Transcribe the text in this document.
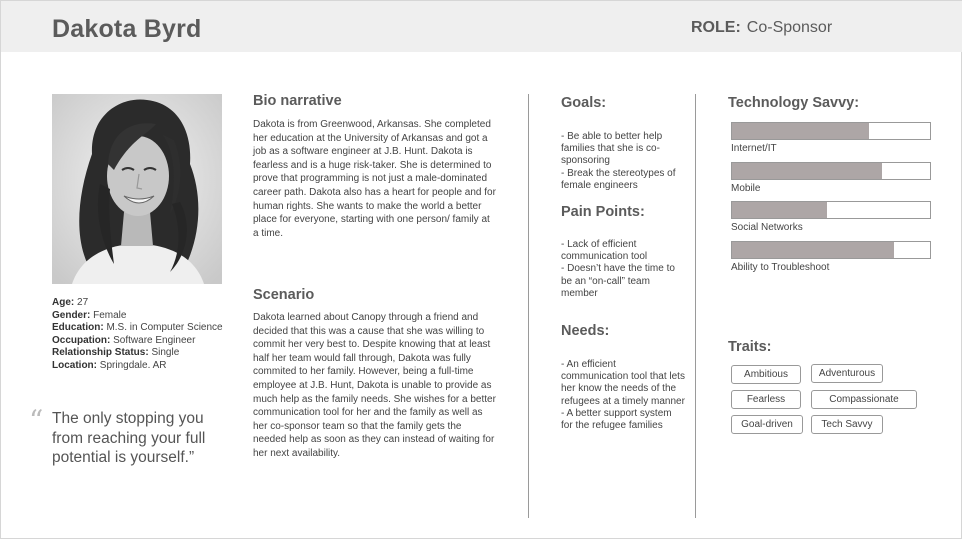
Dakota Byrd	ROLE: Co-Sponsor
Age: 27
Gender: Female
Education: M.S. in Computer Science
Occupation: Software Engineer
Relationship Status: Single
Location: Springdale. AR
“ The only stopping you from reaching your full potential is yourself.”
Bio narrative
Dakota is from Greenwood, Arkansas. She completed her education at the University of Arkansas and got a job as a software engineer at J.B. Hunt. Dakota is fearless and is a huge risk-taker. She is determined to prove that programming is not just a male-dominated career path. Dakota also has a heart for people and for human rights. She wants to make the world a better place for everyone, starting with one person/ family at a time.
Scenario
Dakota learned about Canopy through a friend and decided that this was a cause that she was willing to commit her very best to. Despite knowing that at least half her team would fall through, Dakota was fully commited to her family. However, being a full-time employee at J.B. Hunt, Dakota is unable to provide as much help as the family needs. She wishes for a better communication tool for her and the family as well as her co-sponsor team so that the family gets the needed help as soon as they can instead of waiting for her next availability.
Goals:
- Be able to better help families that she is co-sponsoring
- Break the stereotypes of female engineers
Pain Points:
- Lack of efficient communication tool
- Doesn’t have the time to be an “on-call” team member
Needs:
- An efficient communication tool that lets her know the needs of the refugees at a timely manner
- A better support system for the refugee families
Technology Savvy:
Internet/IT
Mobile
Social Networks
Ability to Troubleshoot
Traits:
Ambitious	Adventurous
Fearless	Compassionate
Goal-driven	Tech Savvy
